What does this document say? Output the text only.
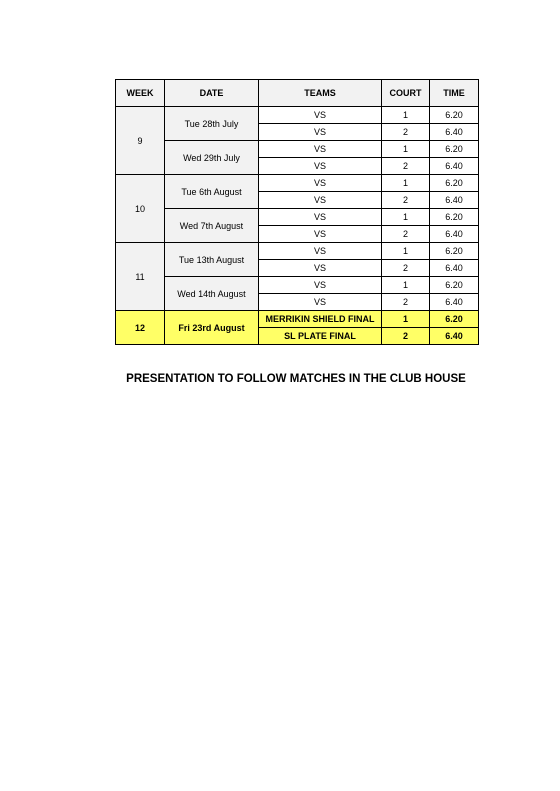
WEEK	DATE	TEAMS	COURT	TIME
9	Tue 28th July	VS	1	6.20
		VS	2	6.40
	Wed 29th July	VS	1	6.20
		VS	2	6.40
10	Tue 6th August	VS	1	6.20
		VS	2	6.40
	Wed 7th August	VS	1	6.20
		VS	2	6.40
11	Tue 13th August	VS	1	6.20
		VS	2	6.40
	Wed 14th August	VS	1	6.20
		VS	2	6.40
12	Fri 23rd August	MERRIKIN SHIELD FINAL	1	6.20
		SL PLATE FINAL	2	6.40
PRESENTATION TO FOLLOW MATCHES IN THE CLUB HOUSE
